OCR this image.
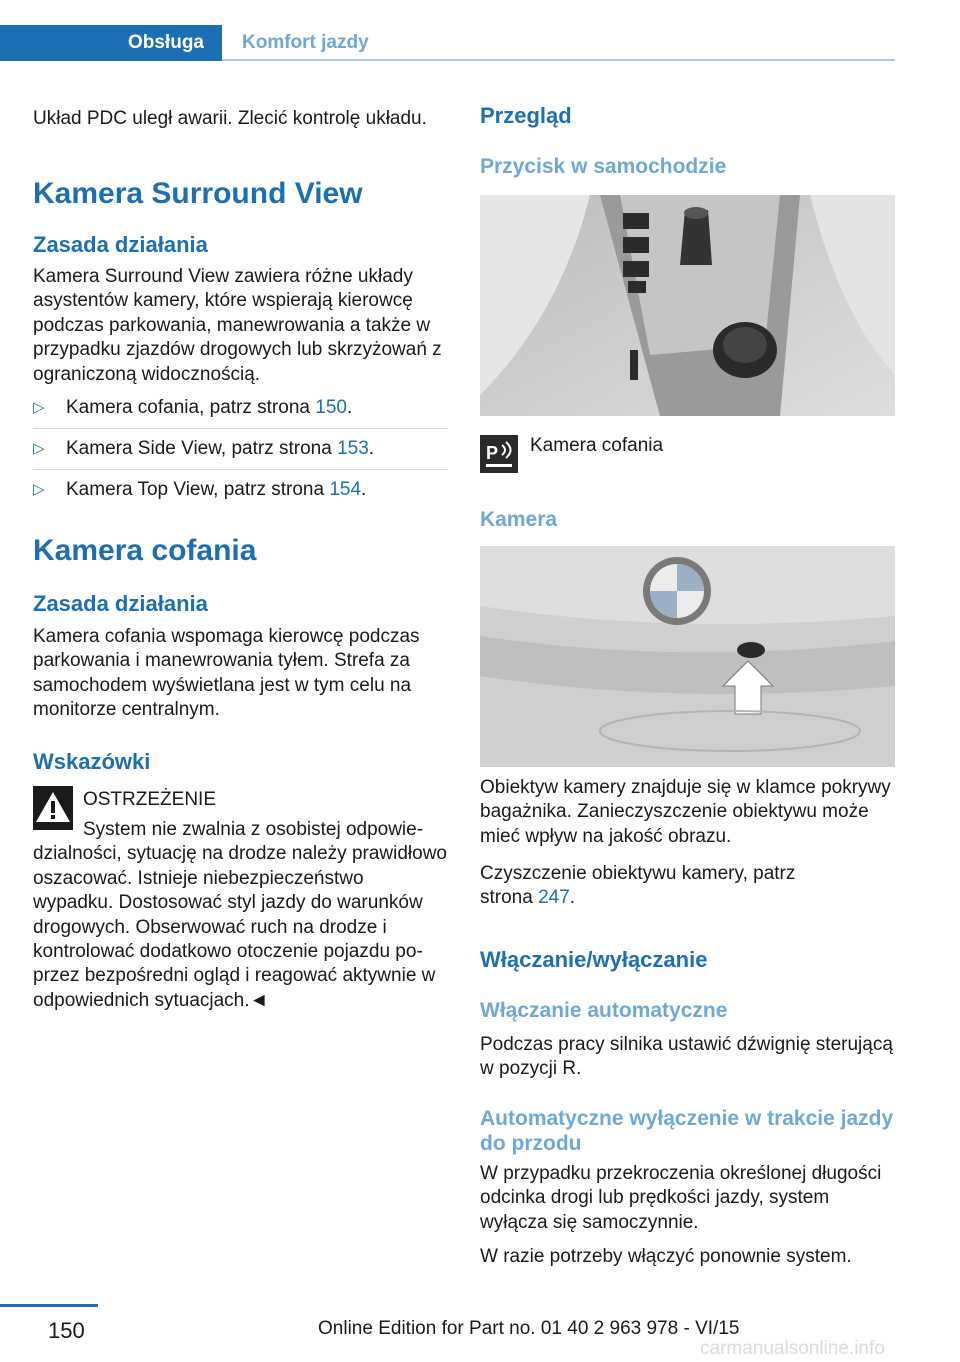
Obsługa	Komfort jazdy

Układ PDC uległ awarii. Zlecić kontrolę układu.

Kamera Surround View
Zasada działania

Kamera Surround View zawiera różne układy asystentów kamery, które wspierają kierowcę podczas parkowania, manewrowania a także w przypadku zjazdów drogowych lub skrzyżowań z ograniczoną widocznością.

▷ Kamera cofania, patrz strona 150.
▷ Kamera Side View, patrz strona 153.
▷ Kamera Top View, patrz strona 154.
Kamera cofania
Zasada działania

Kamera cofania wspomaga kierowcę podczas parkowania i manewrowania tyłem. Strefa za samochodem wyświetlana jest w tym celu na monitorze centralnym.

Wskazówki

OSTRZEŻENIE

System nie zwalnia z osobistej odpowiedzialności, sytuację na drodze należy prawidłowo oszacować. Istnieje niebezpieczeństwo wypadku. Dostosować styl jazdy do warunków drogowych. Obserwować ruch na drodze i kontrolować dodatkowo otoczenie pojazdu poprzez bezpośredni ogląd i reagować aktywnie w odpowiednich sytuacjach.◄

Przegląd
Przycisk w samochodzie
P Kamera cofania

Kamera

Obiektyw kamery znajduje się w klamce pokrywy bagażnika. Zanieczyszczenie obiektywu może mieć wpływ na jakość obrazu.

Czyszczenie obiektywu kamery, patrz strona 247.

Włączanie/wyłączanie
Włączanie automatyczne

Podczas pracy silnika ustawić dźwignię sterującą w pozycji R.

Automatyczne wyłączenie w trakcie jazdy do przodu

W przypadku przekroczenia określonej długości odcinka drogi lub prędkości jazdy, system wyłącza się samoczynnie.

W razie potrzeby włączyć ponownie system.

150	Online Edition for Part no. 01 40 2 963 978 - VI/15
carmanualsonline.info
